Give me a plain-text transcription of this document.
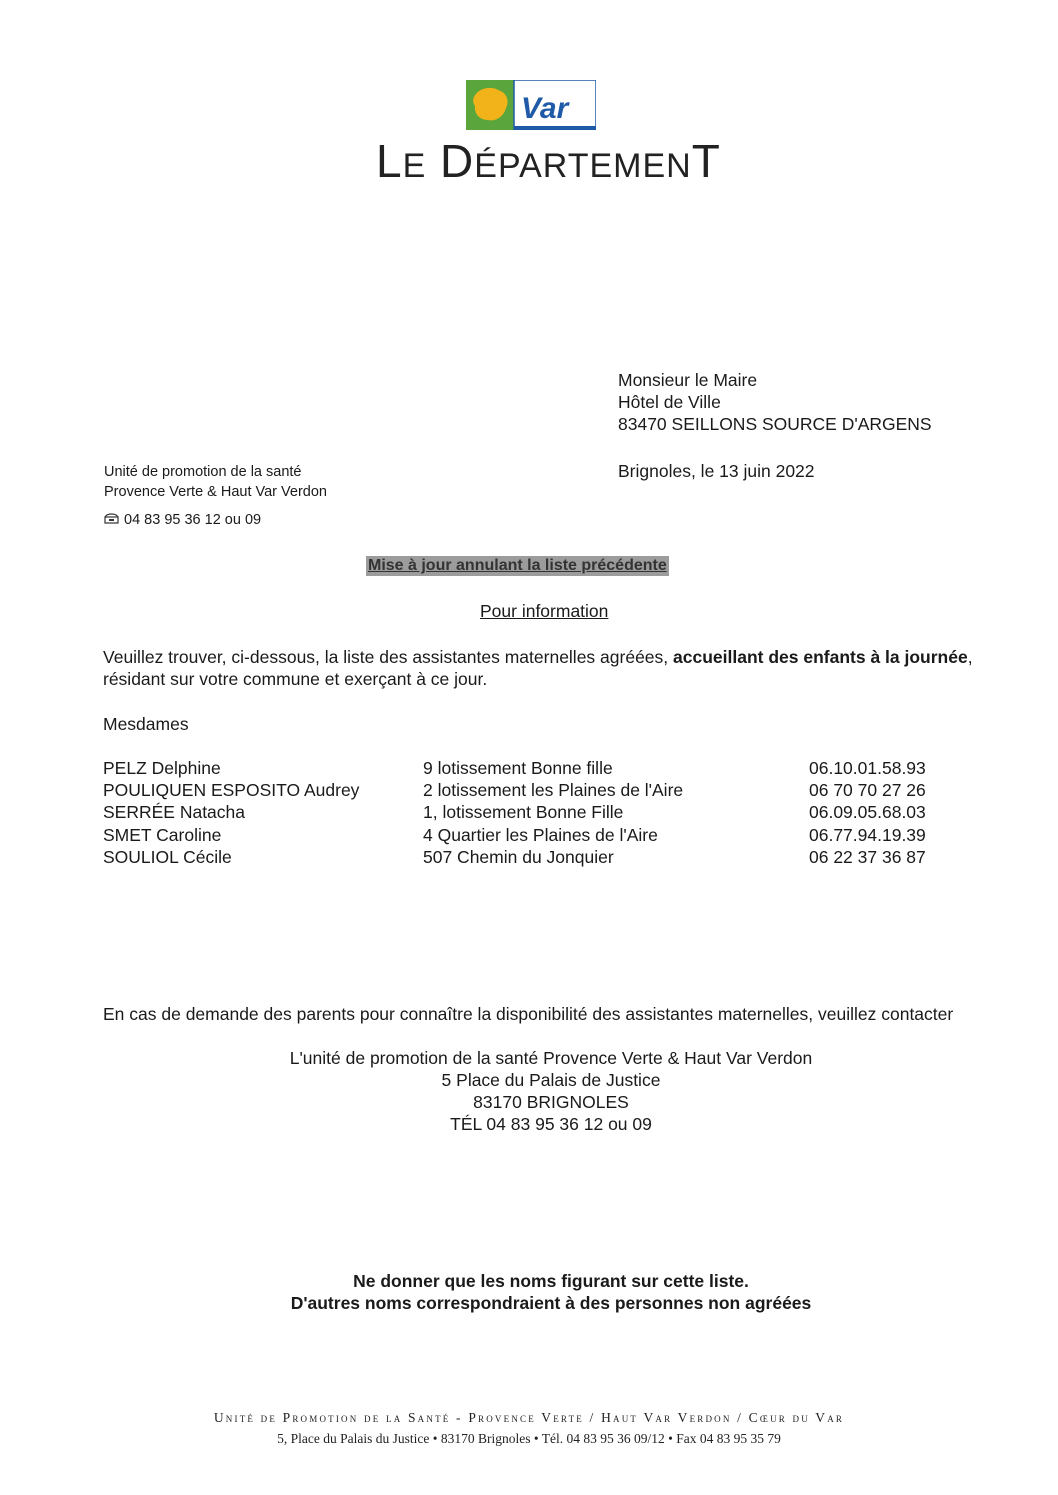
Var
LE DÉPARTEMENT
Monsieur le Maire
Hôtel de Ville
83470 SEILLONS SOURCE D'ARGENS
Brignoles, le 13 juin 2022
Unité de promotion de la santé
Provence Verte & Haut Var Verdon
04 83 95 36 12 ou 09
Mise à jour annulant la liste précédente
Pour information
Veuillez trouver, ci-dessous, la liste des assistantes maternelles agréées, accueillant des enfants à la journée, résidant sur votre commune et exerçant à ce jour.
Mesdames
PELZ Delphine	9 lotissement Bonne fille	06.10.01.58.93
POULIQUEN ESPOSITO Audrey	2 lotissement les Plaines de l'Aire	06 70 70 27 26
SERRÉE Natacha	1, lotissement Bonne Fille	06.09.05.68.03
SMET Caroline	4 Quartier les Plaines de l'Aire	06.77.94.19.39
SOULIOL Cécile	507 Chemin du Jonquier	06 22 37 36 87
En cas de demande des parents pour connaître la disponibilité des assistantes maternelles, veuillez contacter
L'unité de promotion de la santé Provence Verte & Haut Var Verdon
5 Place du Palais de Justice
83170 BRIGNOLES
TÉL 04 83 95 36 12 ou 09
Ne donner que les noms figurant sur cette liste.
D'autres noms correspondraient à des personnes non agréées
Unité de Promotion de la Santé - Provence Verte / Haut Var Verdon / Cœur du Var
5, Place du Palais du Justice • 83170 Brignoles • Tél. 04 83 95 36 09/12 • Fax 04 83 95 35 79
